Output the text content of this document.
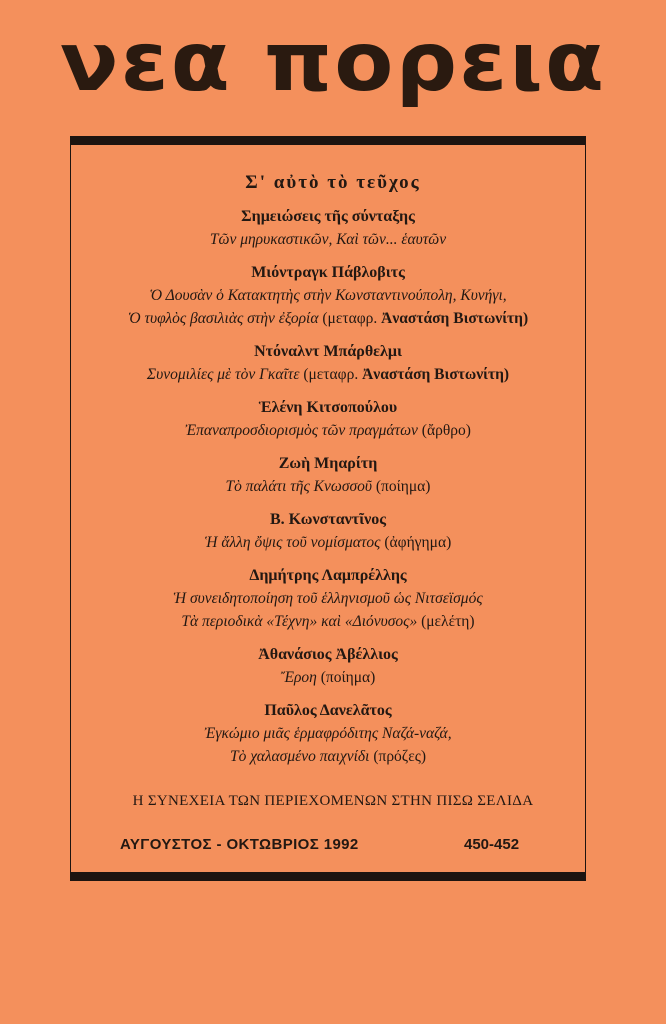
νεα πορεια
Σ' αὐτὸ τὸ τεῦχος
Σημειώσεις τῆς σύνταξης
Τῶν μηρυκαστικῶν, Καὶ τῶν... ἑαυτῶν
Μιόντραγκ Πάβλοβιτς
Ὁ Δουσὰν ὁ Κατακτητὴς στὴν Κωνσταντινούπολη, Κυνήγι,
Ὁ τυφλὸς βασιλιὰς στὴν ἐξορία (μεταφρ. Ἀναστάση Βιστωνίτη)
Ντόναλντ Μπάρθελμι
Συνομιλίες μὲ τὸν Γκαῖτε (μεταφρ. Ἀναστάση Βιστωνίτη)
Ἑλένη Κιτσοπούλου
Ἐπαναπροσδιορισμὸς τῶν πραγμάτων (ἄρθρο)
Ζωὴ Μηαρίτη
Τὸ παλάτι τῆς Κνωσσοῦ (ποίημα)
Β. Κωνσταντῖνος
Ἡ ἄλλη ὄψις τοῦ νομίσματος (ἀφήγημα)
Δημήτρης Λαμπρέλλης
Ἡ συνειδητοποίηση τοῦ ἑλληνισμοῦ ὡς Νιτσεϊσμός
Τὰ περιοδικὰ «Τέχνη» καὶ «Διόνυσος» (μελέτη)
Ἀθανάσιος Ἀβέλλιος
Ἔροη (ποίημα)
Παῦλος Δανελᾶτος
Ἐγκώμιο μιᾶς ἑρμαφρόδιτης Ναζά-ναζά,
Τὸ χαλασμένο παιχνίδι (πρόζες)
Η ΣΥΝΕΧΕΙΑ ΤΩΝ ΠΕΡΙΕΧΟΜΕΝΩΝ ΣΤΗΝ ΠΙΣΩ ΣΕΛΙΔΑ
ΑΥΓΟΥΣΤΟΣ - ΟΚΤΩΒΡΙΟΣ 1992	450-452
